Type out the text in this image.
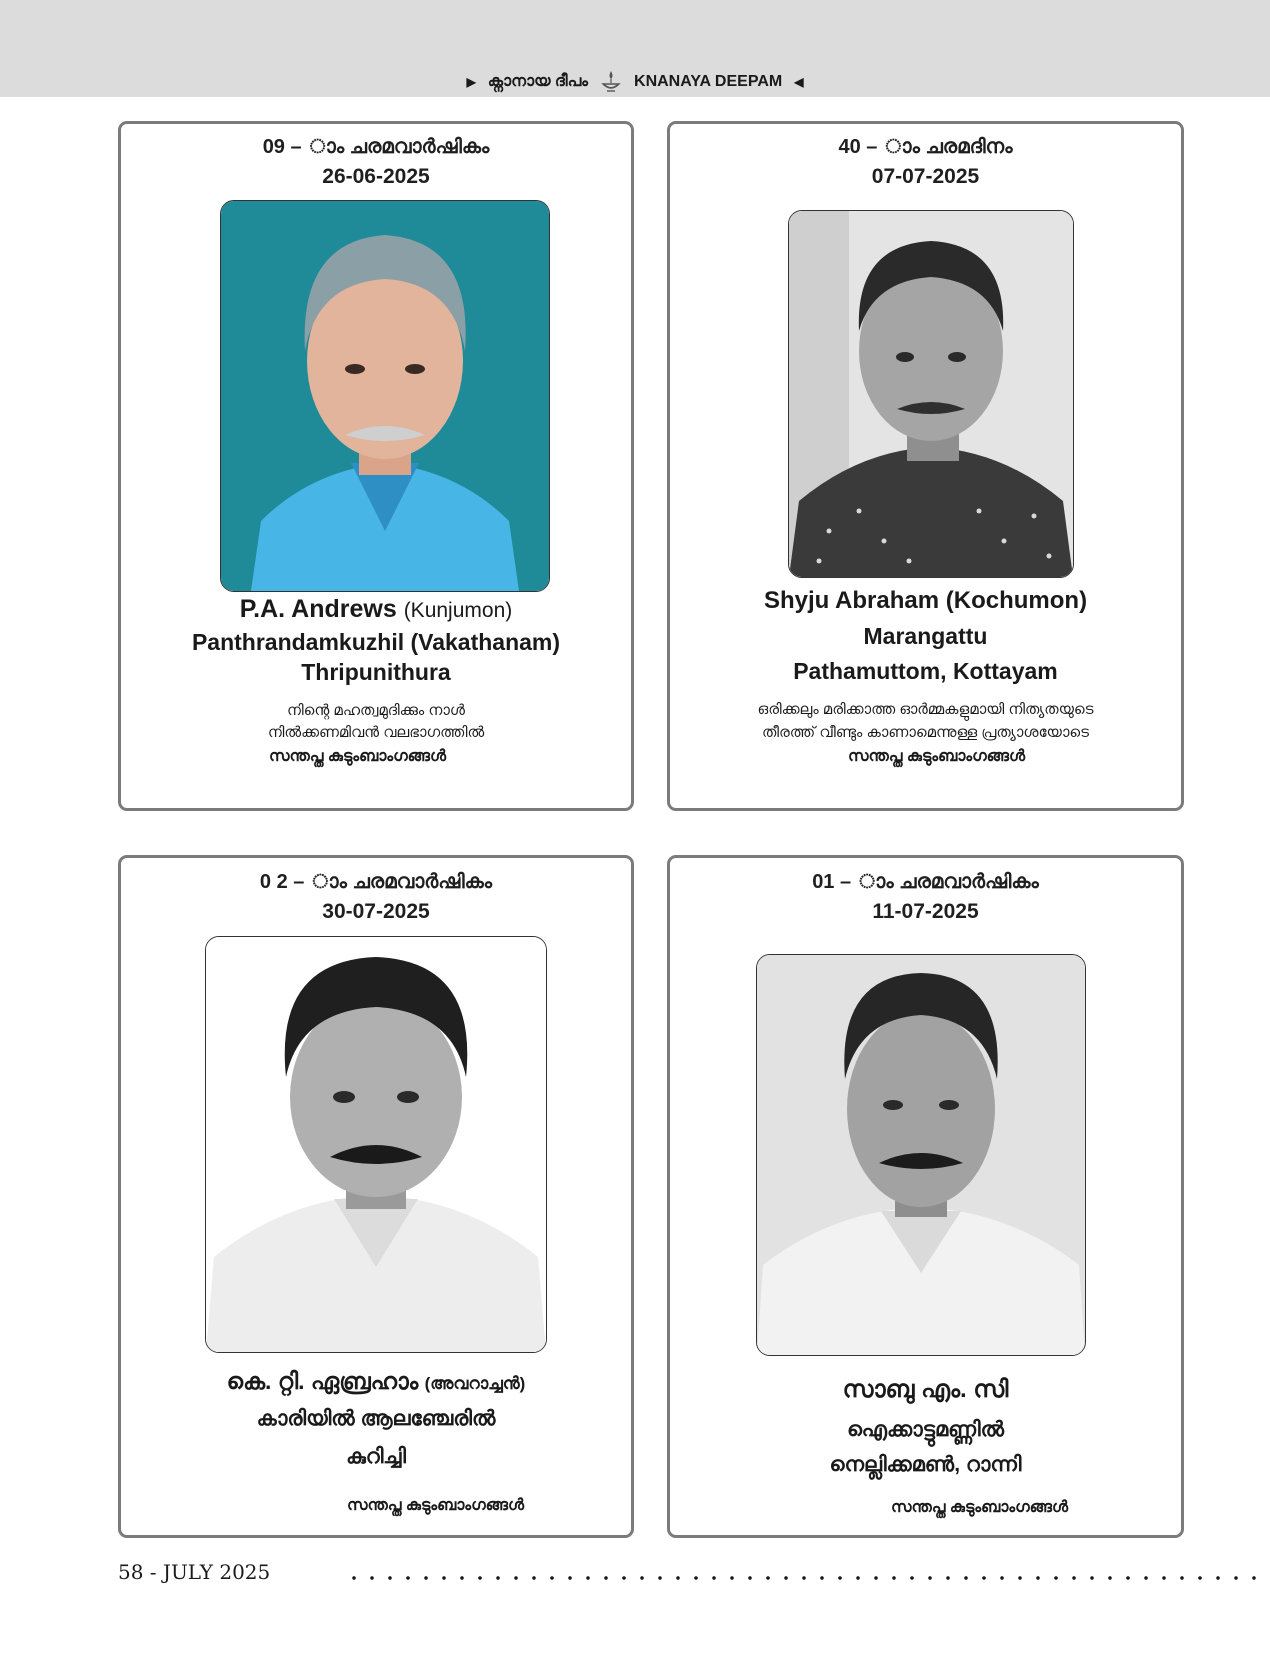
▶ ക്നാനായ ദീപം	KNANAYA DEEPAM ◀
09 – ാം ചരമവാർഷികം
26-06-2025
P.A. Andrews (Kunjumon)
Panthrandamkuzhil (Vakathanam)
Thripunithura
നിന്റെ മഹത്വമുദിക്കും നാൾ
നിൽക്കണമിവൻ വലഭാഗത്തിൽ
സന്തപ്ത കുടുംബാംഗങ്ങൾ
40 – ാം ചരമദിനം
07-07-2025
Shyju Abraham (Kochumon)
Marangattu
Pathamuttom, Kottayam
ഒരിക്കലും മരിക്കാത്ത ഓർമ്മകളുമായി നിത്യതയുടെ
തീരത്ത് വീണ്ടും കാണാമെന്നുള്ള പ്രത്യാശയോടെ
സന്തപ്ത കുടുംബാംഗങ്ങൾ
0 2 – ാം ചരമവാർഷികം
30-07-2025
കെ. റ്റി. ഏബ്രഹാം (അവറാച്ചൻ)
കാരിയിൽ ആലഞ്ചേരിൽ
കുറിച്ചി
സന്തപ്ത കുടുംബാംഗങ്ങൾ
01 – ാം ചരമവാർഷികം
11-07-2025
സാബു എം. സി
ഐക്കാട്ടുമണ്ണിൽ
നെല്ലിക്കമൺ, റാന്നി
സന്തപ്ത കുടുംബാംഗങ്ങൾ
58 - JULY 2025
